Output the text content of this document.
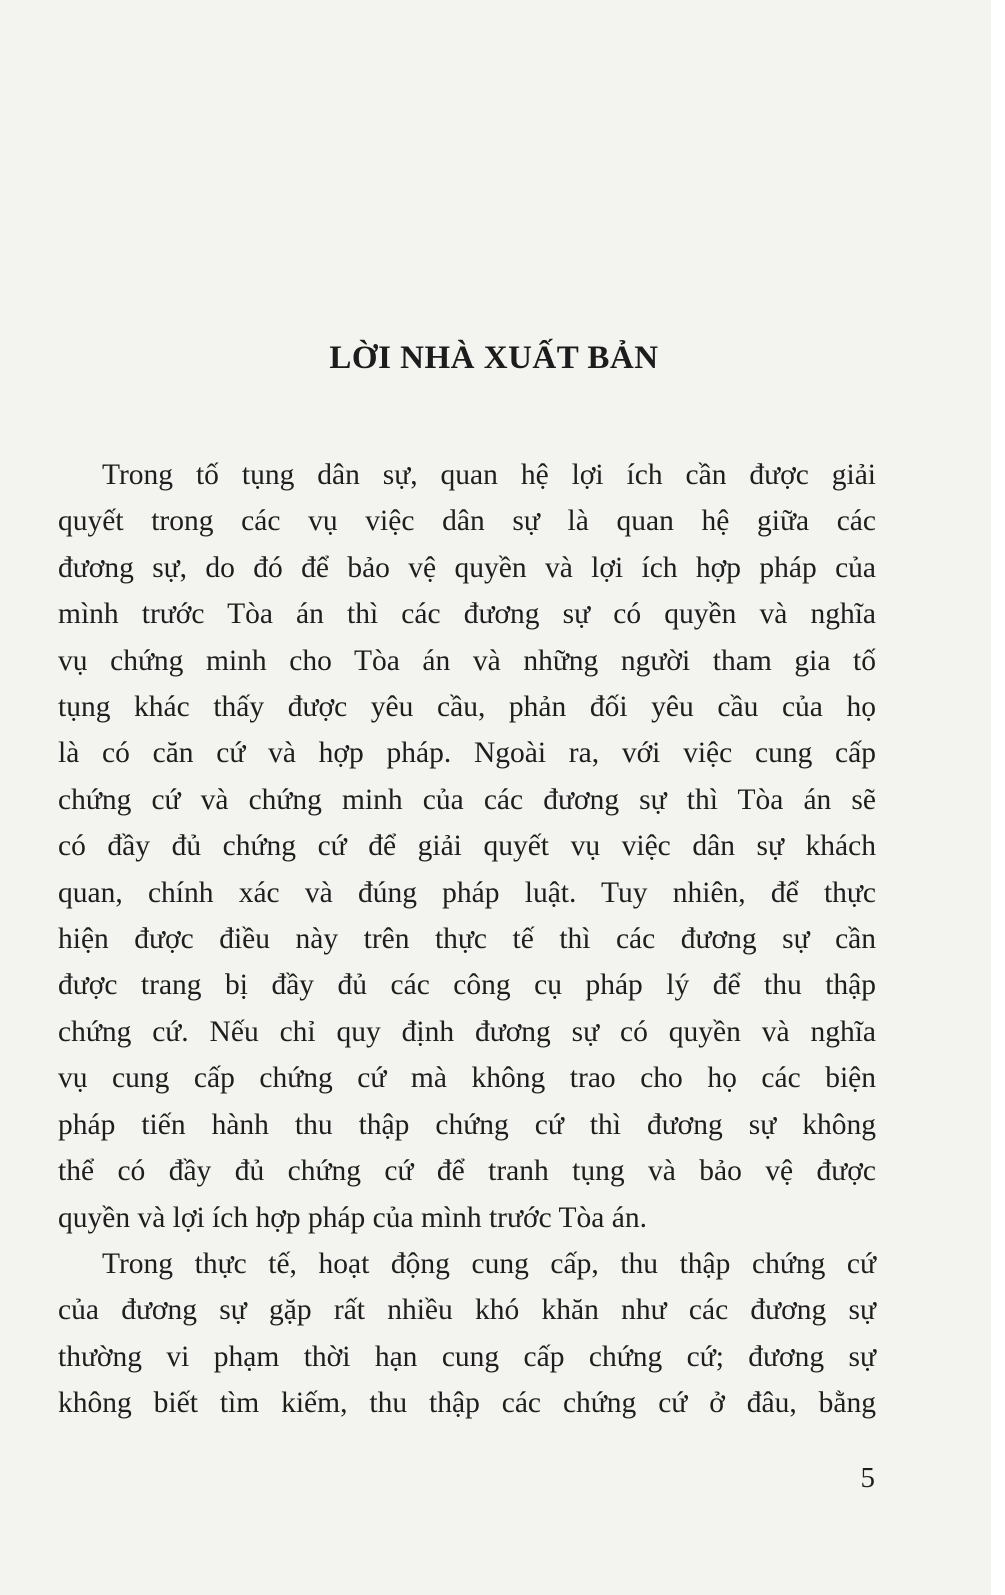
LỜI NHÀ XUẤT BẢN

Trong tố tụng dân sự, quan hệ lợi ích cần được giải
quyết trong các vụ việc dân sự là quan hệ giữa các
đương sự, do đó để bảo vệ quyền và lợi ích hợp pháp của
mình trước Tòa án thì các đương sự có quyền và nghĩa
vụ chứng minh cho Tòa án và những người tham gia tố
tụng khác thấy được yêu cầu, phản đối yêu cầu của họ
là có căn cứ và hợp pháp. Ngoài ra, với việc cung cấp
chứng cứ và chứng minh của các đương sự thì Tòa án sẽ
có đầy đủ chứng cứ để giải quyết vụ việc dân sự khách
quan, chính xác và đúng pháp luật. Tuy nhiên, để thực
hiện được điều này trên thực tế thì các đương sự cần
được trang bị đầy đủ các công cụ pháp lý để thu thập
chứng cứ. Nếu chỉ quy định đương sự có quyền và nghĩa
vụ cung cấp chứng cứ mà không trao cho họ các biện
pháp tiến hành thu thập chứng cứ thì đương sự không
thể có đầy đủ chứng cứ để tranh tụng và bảo vệ được
quyền và lợi ích hợp pháp của mình trước Tòa án.

Trong thực tế, hoạt động cung cấp, thu thập chứng cứ
của đương sự gặp rất nhiều khó khăn như các đương sự
thường vi phạm thời hạn cung cấp chứng cứ; đương sự
không biết tìm kiếm, thu thập các chứng cứ ở đâu, bằng

5
